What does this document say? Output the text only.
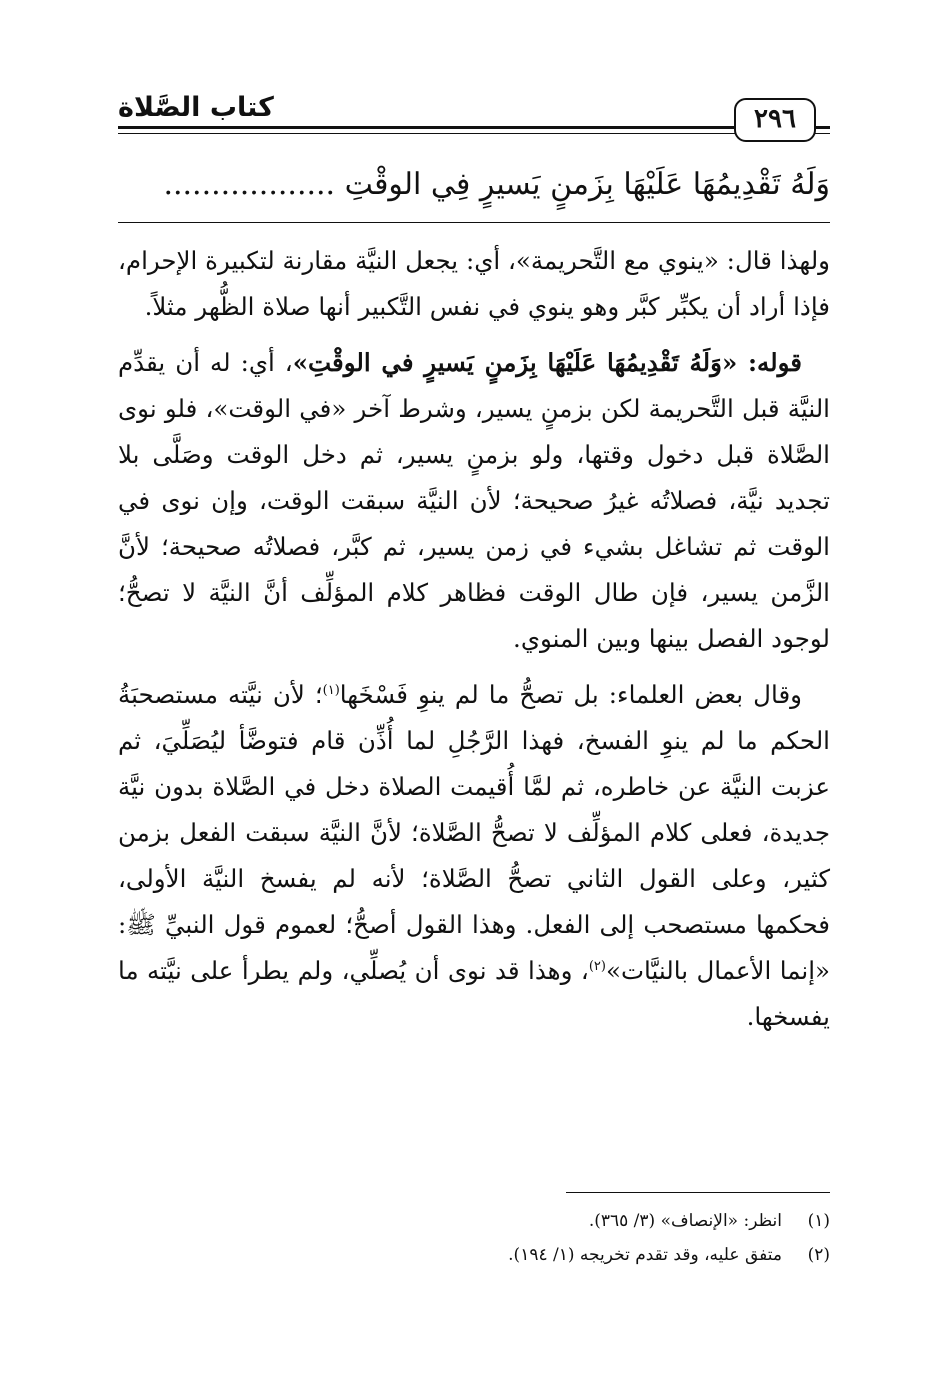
كتاب الصَّلاة	٢٩٦
وَلَهُ تَقْدِيمُهَا عَلَيْهَا بِزَمنٍ يَسيرٍ فِي الوقْتِ ..................

ولهذا قال: «ينوي مع التَّحريمة»، أي: يجعل النيَّة مقارنة لتكبيرة الإحرام، فإذا أراد أن يكبِّر كبَّر وهو ينوي في نفس التَّكبير أنها صلاة الظُّهر مثلاً.

قوله: «وَلَهُ تَقْدِيمُهَا عَلَيْهَا بِزَمنٍ يَسيرٍ في الوقْتِ»، أي: له أن يقدِّم النيَّة قبل التَّحريمة لكن بزمنٍ يسير، وشرط آخر «في الوقت»، فلو نوى الصَّلاة قبل دخول وقتها، ولو بزمنٍ يسير، ثم دخل الوقت وصَلَّى بلا تجديد نيَّة، فصلاتُه غيرُ صحيحة؛ لأن النيَّة سبقت الوقت، وإن نوى في الوقت ثم تشاغل بشيء في زمن يسير، ثم كبَّر، فصلاتُه صحيحة؛ لأنَّ الزَّمن يسير، فإن طال الوقت فظاهر كلام المؤلِّف أنَّ النيَّة لا تصحُّ؛ لوجود الفصل بينها وبين المنوي.

وقال بعض العلماء: بل تصحُّ ما لم ينوِ فَسْخَها$^{(١)}$؛ لأن نيَّته مستصحبَةُ الحكم ما لم ينوِ الفسخ، فهذا الرَّجُلِ لما أُذِّن قام فتوضَّأ ليُصَلِّيَ، ثم عزبت النيَّة عن خاطره، ثم لمَّا أُقيمت الصلاة دخل في الصَّلاة بدون نيَّة جديدة، فعلى كلام المؤلِّف لا تصحُّ الصَّلاة؛ لأنَّ النيَّة سبقت الفعل بزمن كثير، وعلى القول الثاني تصحُّ الصَّلاة؛ لأنه لم يفسخ النيَّة الأولى، فحكمها مستصحب إلى الفعل. وهذا القول أصحُّ؛ لعموم قول النبيِّ ﷺ: «إنما الأعمال بالنيَّات»$^{(٢)}$، وهذا قد نوى أن يُصلِّي، ولم يطرأ على نيَّته ما يفسخها.

(١)
انظر: «الإنصاف» (٣/ ٣٦٥).
(٢)
متفق عليه، وقد تقدم تخريجه (١/ ١٩٤).
